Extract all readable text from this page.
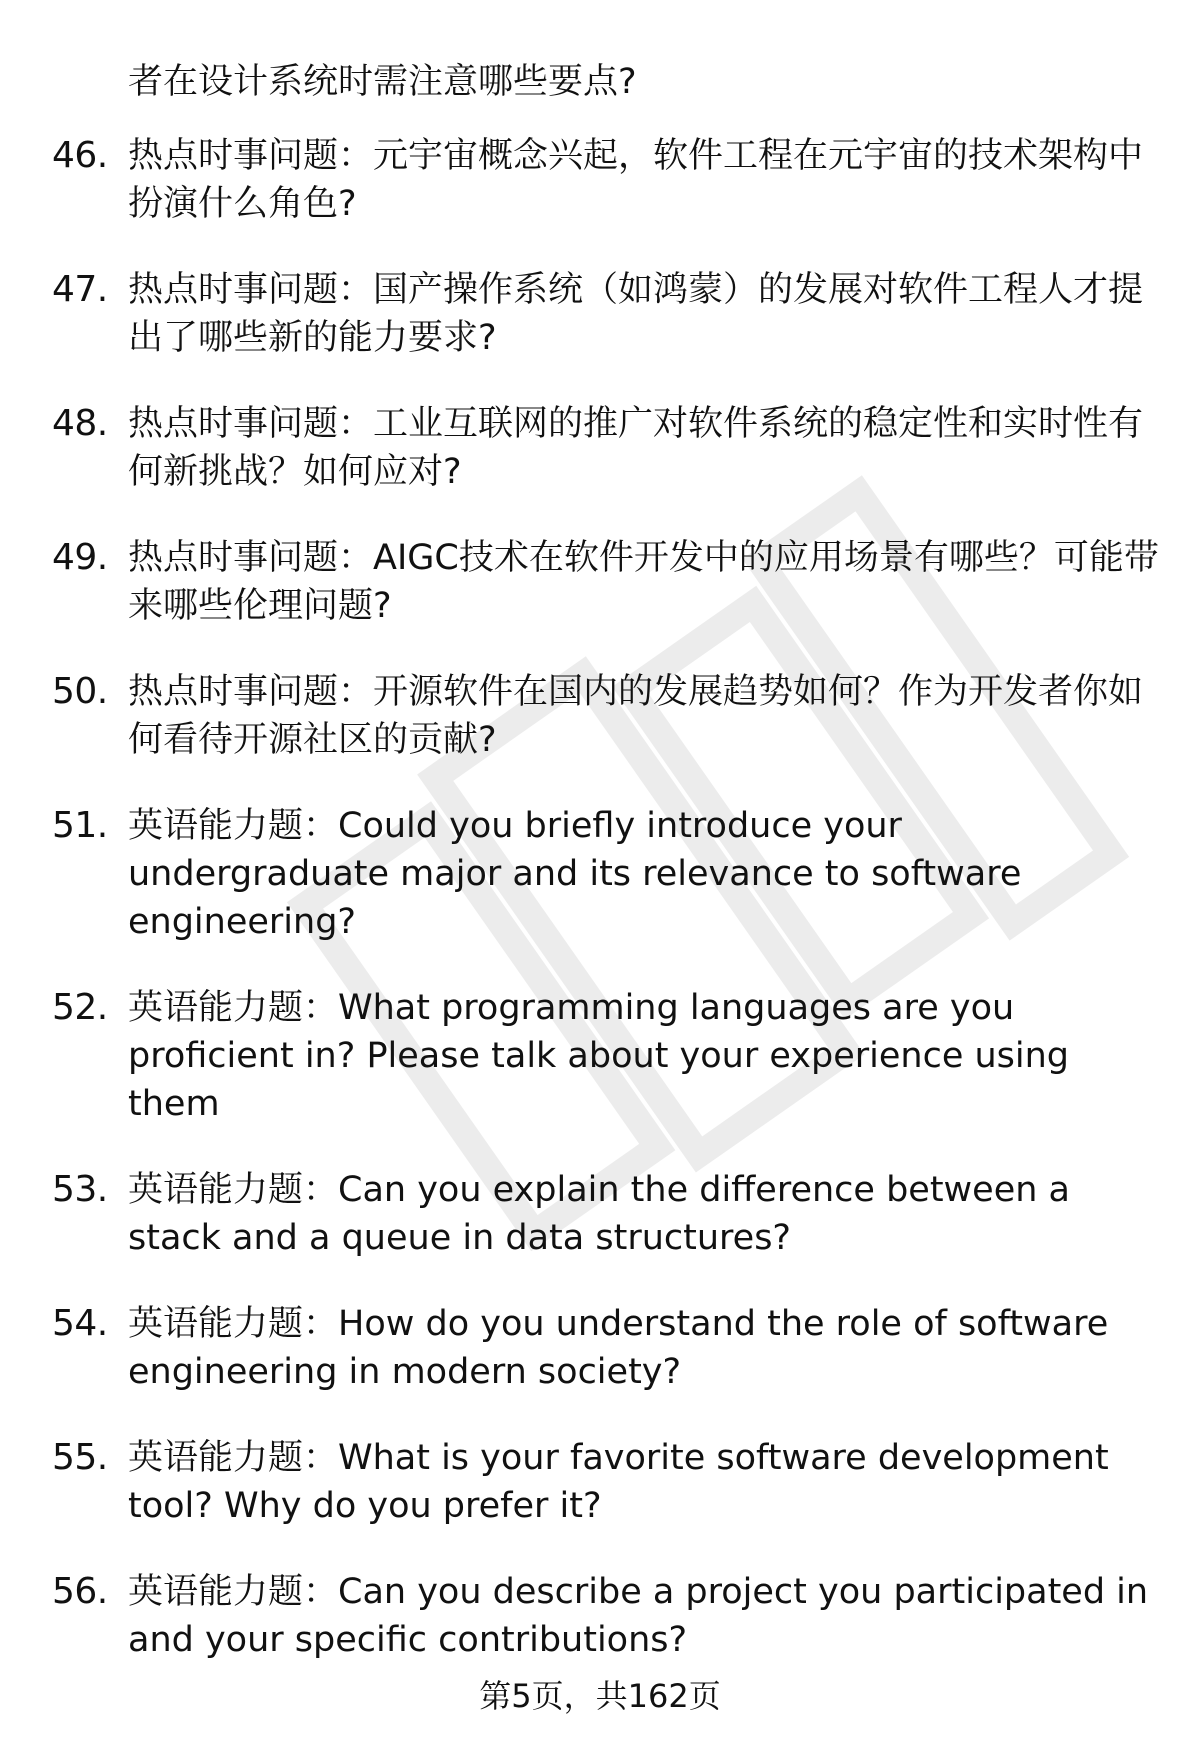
者在设计系统时需注意哪些要点?
46. 热点时事问题：元宇宙概念兴起，软件工程在元宇宙的技术架构中扮演什么角色?
47. 热点时事问题：国产操作系统（如鸿蒙）的发展对软件工程人才提出了哪些新的能力要求?
48. 热点时事问题：工业互联网的推广对软件系统的稳定性和实时性有何新挑战？如何应对?
49. 热点时事问题：AIGC技术在软件开发中的应用场景有哪些？可能带来哪些伦理问题?
50. 热点时事问题：开源软件在国内的发展趋势如何？作为开发者你如何看待开源社区的贡献?
51. 英语能力题：Could you briefly introduce your undergraduate major and its relevance to software engineering?
52. 英语能力题：What programming languages are you proficient in? Please talk about your experience using them
53. 英语能力题：Can you explain the difference between a stack and a queue in data structures?
54. 英语能力题：How do you understand the role of software engineering in modern society?
55. 英语能力题：What is your favorite software development tool? Why do you prefer it?
56. 英语能力题：Can you describe a project you participated in and your specific contributions?
第5页，共162页
